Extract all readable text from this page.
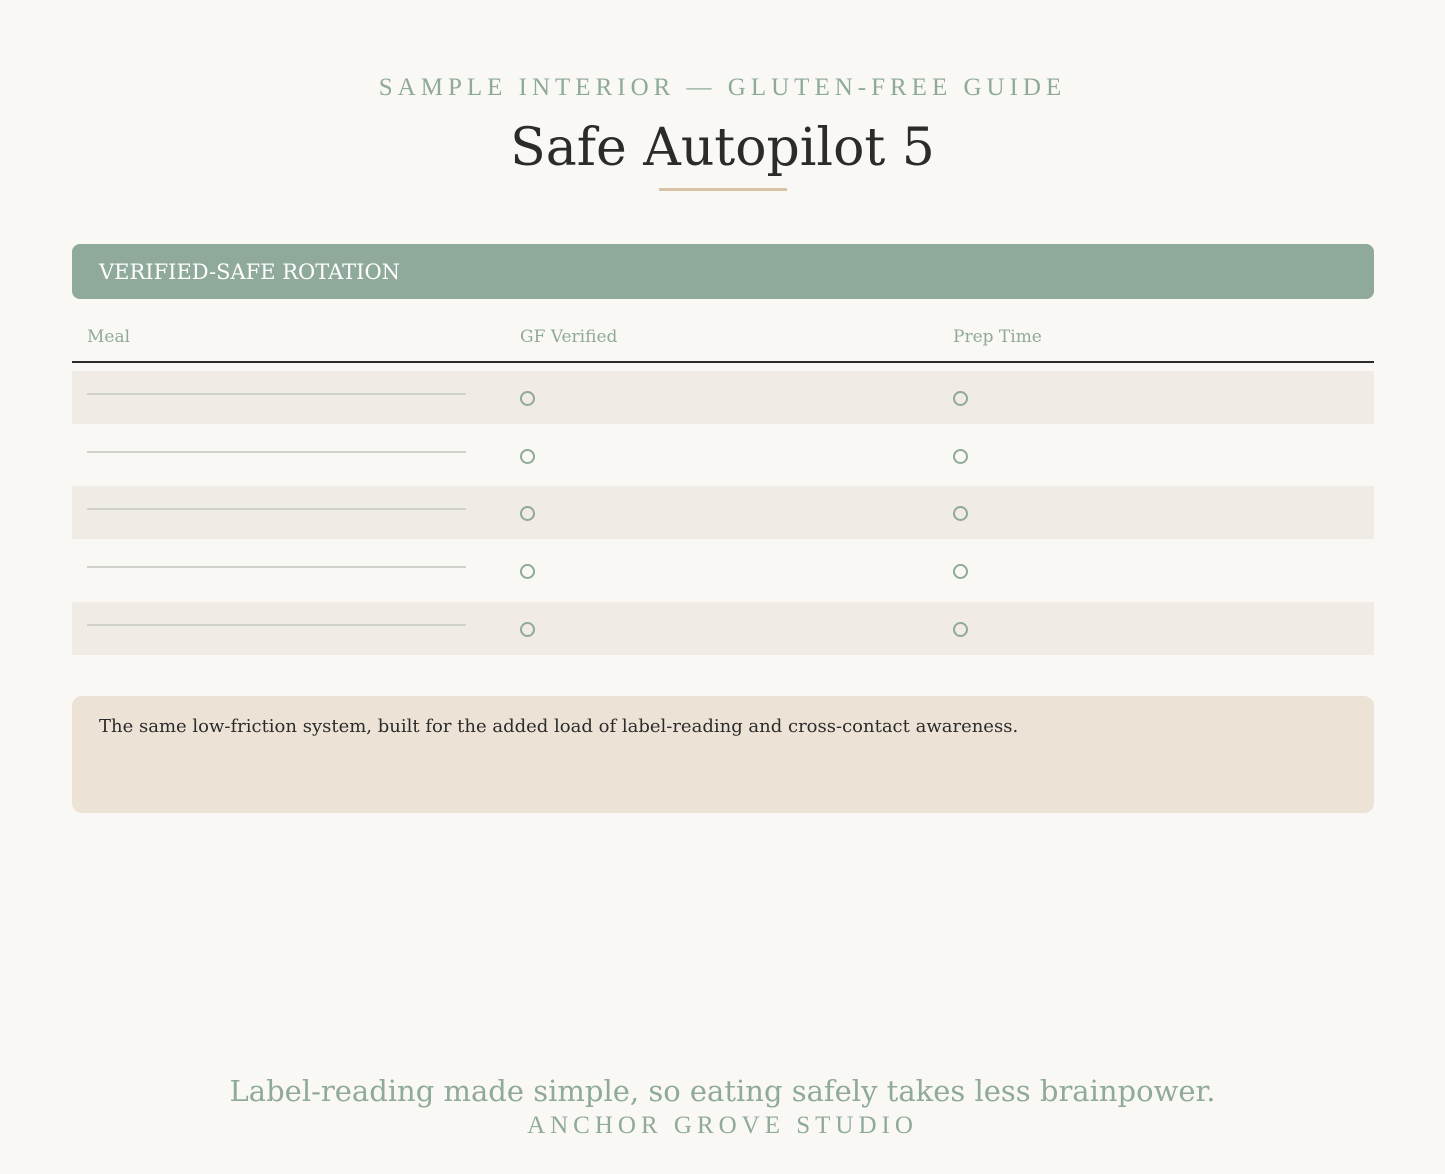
SAMPLE INTERIOR — GLUTEN-FREE GUIDE
Safe Autopilot 5
VERIFIED-SAFE ROTATION
Meal	GF Verified	Prep Time

The same low-friction system, built for the added load of label-reading and cross-contact awareness.

Label-reading made simple, so eating safely takes less brainpower.
ANCHOR GROVE STUDIO
